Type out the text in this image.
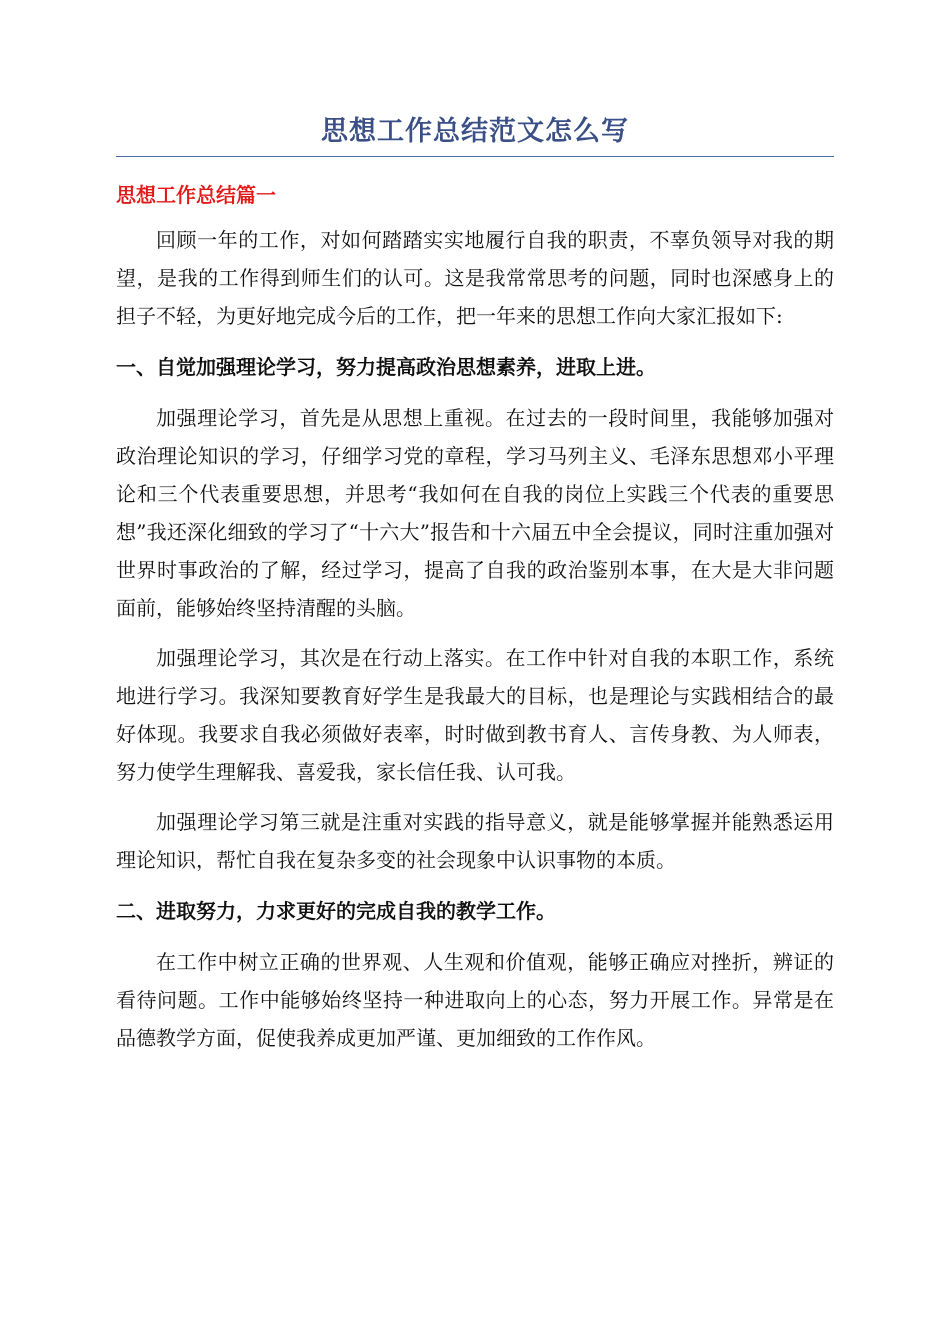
思想工作总结范文怎么写
思想工作总结篇一

回顾一年的工作，对如何踏踏实实地履行自我的职责，不辜负领导对我的期望，是我的工作得到师生们的认可。这是我常常思考的问题，同时也深感身上的担子不轻，为更好地完成今后的工作，把一年来的思想工作向大家汇报如下:

一、自觉加强理论学习，努力提高政治思想素养，进取上进。

加强理论学习，首先是从思想上重视。在过去的一段时间里，我能够加强对政治理论知识的学习，仔细学习党的章程，学习马列主义、毛泽东思想邓小平理论和三个代表重要思想，并思考“我如何在自我的岗位上实践三个代表的重要思想”我还深化细致的学习了“十六大”报告和十六届五中全会提议，同时注重加强对世界时事政治的了解，经过学习，提高了自我的政治鉴别本事，在大是大非问题面前，能够始终坚持清醒的头脑。

加强理论学习，其次是在行动上落实。在工作中针对自我的本职工作，系统地进行学习。我深知要教育好学生是我最大的目标，也是理论与实践相结合的最好体现。我要求自我必须做好表率，时时做到教书育人、言传身教、为人师表，努力使学生理解我、喜爱我，家长信任我、认可我。

加强理论学习第三就是注重对实践的指导意义，就是能够掌握并能熟悉运用理论知识，帮忙自我在复杂多变的社会现象中认识事物的本质。

二、进取努力，力求更好的完成自我的教学工作。

在工作中树立正确的世界观、人生观和价值观，能够正确应对挫折，辨证的看待问题。工作中能够始终坚持一种进取向上的心态，努力开展工作。异常是在品德教学方面，促使我养成更加严谨、更加细致的工作作风。
